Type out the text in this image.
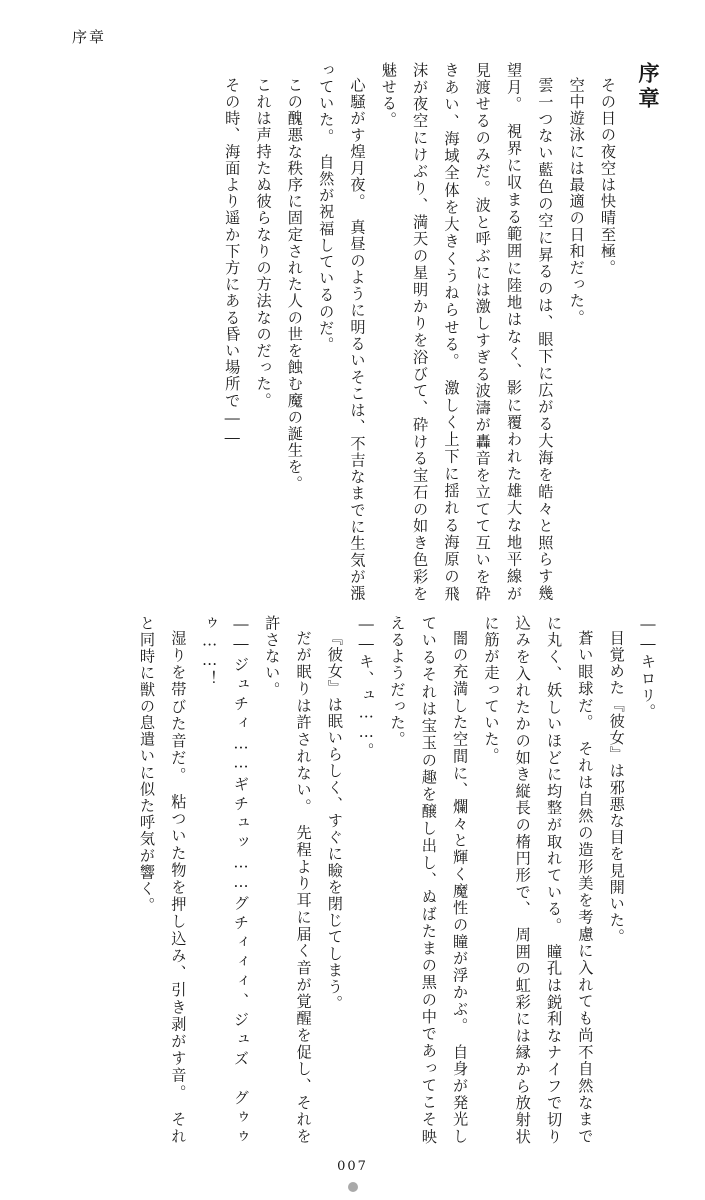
序章
序章
その日の夜空は快晴至極。
空中遊泳には最適の日和だった。
雲一つない藍色の空に昇るのは、眼下に広がる大海を皓々と照らす幾望月。　視界に収まる範囲に陸地はなく、影に覆われた雄大な地平線が見渡せるのみだ。波と呼ぶには激しすぎる波濤が轟音を立てて互いを砕きあい、海域全体を大きくうねらせる。　激しく上下に揺れる海原の飛沫が夜空にけぶり、満天の星明かりを浴びて、砕ける宝石の如き色彩を魅せる。
心騒がす煌月夜。　真昼のように明るいそこは、不吉なまでに生気が漲っていた。　自然が祝福しているのだ。
この醜悪な秩序に固定された人の世を蝕む魔の誕生を。
これは声持たぬ彼らなりの方法なのだった。
その時、海面より遥か下方にある昏い場所で――
――キロリ。
目覚めた『彼女』は邪悪な目を見開いた。
蒼い眼球だ。　それは自然の造形美を考慮に入れても尚不自然なまでに丸く、妖しいほどに均整が取れている。　瞳孔は鋭利なナイフで切り込みを入れたかの如き縦長の楕円形で、　周囲の虹彩には縁から放射状に筋が走っていた。
闇の充満した空間に、爛々と輝く魔性の瞳が浮かぶ。　自身が発光しているそれは宝玉の趣を醸し出し、ぬばたまの黒の中であってこそ映えるようだった。
――キ、ュ……。
『彼女』は眠いらしく、すぐに瞼を閉じてしまう。
だが眠りは許されない。　先程より耳に届く音が覚醒を促し、それを許さない。
――ジュチィ……ギチュッ……グチィィィ、ジュズ　グゥゥゥ……！
湿りを帯びた音だ。　粘ついた物を押し込み、引き剥がす音。　それと同時に獣の息遣いに似た呼気が響く。
007
